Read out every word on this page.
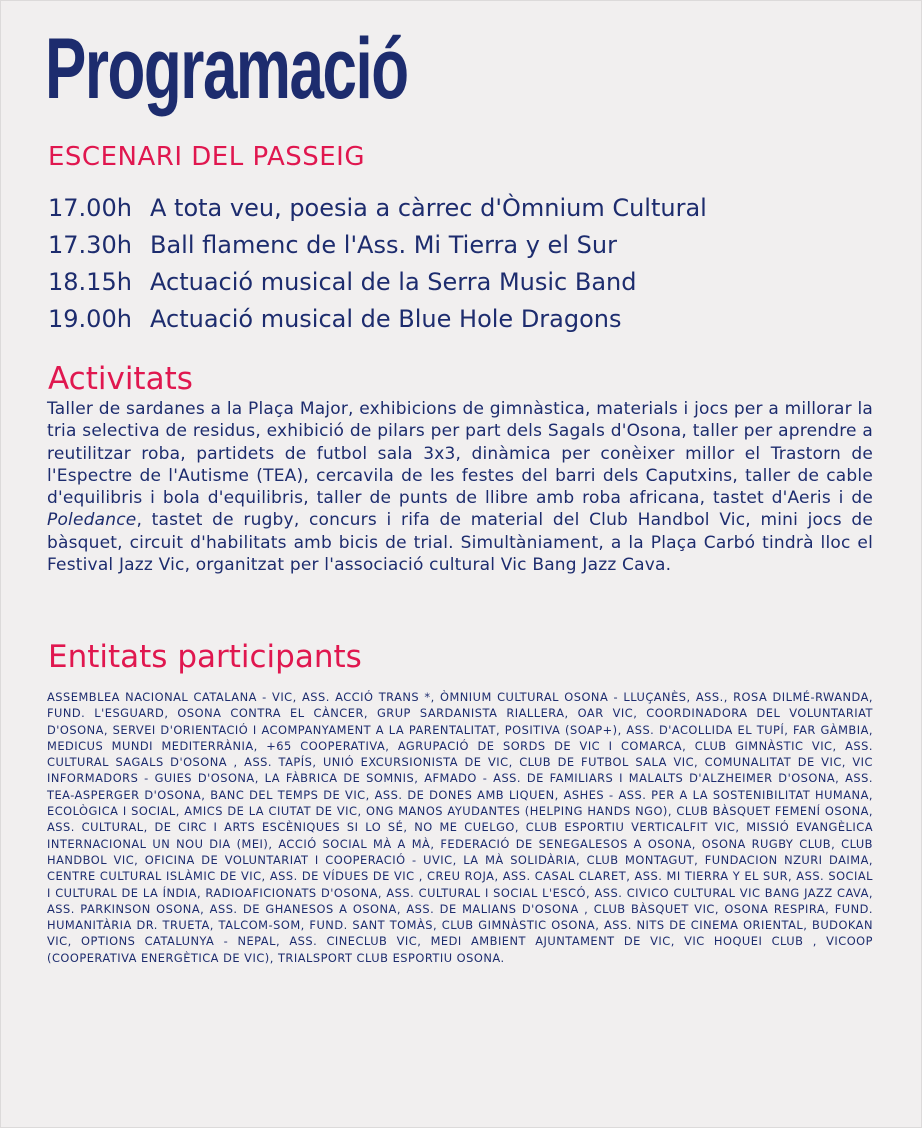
Programació
ESCENARI DEL PASSEIG
17.00h A tota veu, poesia a càrrec d'Òmnium Cultural
17.30h Ball flamenc de l'Ass. Mi Tierra y el Sur
18.15h Actuació musical de la Serra Music Band
19.00h Actuació musical de Blue Hole Dragons
Activitats

Taller de sardanes a la Plaça Major, exhibicions de gimnàstica, materials i jocs per a millorar la tria selectiva de residus, exhibició de pilars per part dels Sagals d'Osona, taller per aprendre a reutilitzar roba, partidets de futbol sala 3x3, dinàmica per conèixer millor el Trastorn de l'Espectre de l'Autisme (TEA), cercavila de les festes del barri dels Caputxins, taller de cable d'equilibris i bola d'equilibris, taller de punts de llibre amb roba africana, tastet d'Aeris i de Poledance, tastet de rugby, concurs i rifa de material del Club Handbol Vic, mini jocs de bàsquet, circuit d'habilitats amb bicis de trial. Simultàniament, a la Plaça Carbó tindrà lloc el Festival Jazz Vic, organitzat per l'associació cultural Vic Bang Jazz Cava.

Entitats participants

ASSEMBLEA NACIONAL CATALANA - VIC, ASS. ACCIÓ TRANS *, ÒMNIUM CULTURAL OSONA - LLUÇANÈS, ASS., ROSA DILMÉ-RWANDA, FUND. L'ESGUARD, OSONA CONTRA EL CÀNCER, GRUP SARDANISTA RIALLERA, OAR VIC, COORDINADORA DEL VOLUNTARIAT D'OSONA, SERVEI D'ORIENTACIÓ I ACOMPANYAMENT A LA PARENTALITAT, POSITIVA (SOAP+), ASS. D'ACOLLIDA EL TUPÍ, FAR GÀMBIA, MEDICUS MUNDI MEDITERRÀNIA, +65 COOPERATIVA, AGRUPACIÓ DE SORDS DE VIC I COMARCA, CLUB GIMNÀSTIC VIC, ASS. CULTURAL SAGALS D'OSONA , ASS. TAPÍS, UNIÓ EXCURSIONISTA DE VIC, CLUB DE FUTBOL SALA VIC, COMUNALITAT DE VIC, VIC INFORMADORS - GUIES D'OSONA, LA FÀBRICA DE SOMNIS, AFMADO - ASS. DE FAMILIARS I MALALTS D'ALZHEIMER D'OSONA, ASS. TEA-ASPERGER D'OSONA, BANC DEL TEMPS DE VIC, ASS. DE DONES AMB LIQUEN, ASHES - ASS. PER A LA SOSTENIBILITAT HUMANA, ECOLÒGICA I SOCIAL, AMICS DE LA CIUTAT DE VIC, ONG MANOS AYUDANTES (HELPING HANDS NGO), CLUB BÀSQUET FEMENÍ OSONA, ASS. CULTURAL, DE CIRC I ARTS ESCÈNIQUES SI LO SÉ, NO ME CUELGO, CLUB ESPORTIU VERTICALFIT VIC, MISSIÓ EVANGÈLICA INTERNACIONAL UN NOU DIA (MEI), ACCIÓ SOCIAL MÀ A MÀ, FEDERACIÓ DE SENEGALESOS A OSONA, OSONA RUGBY CLUB, CLUB HANDBOL VIC, OFICINA DE VOLUNTARIAT I COOPERACIÓ - UVIC, LA MÀ SOLIDÀRIA, CLUB MONTAGUT, FUNDACION NZURI DAIMA, CENTRE CULTURAL ISLÀMIC DE VIC, ASS. DE VÍDUES DE VIC , CREU ROJA, ASS. CASAL CLARET, ASS. MI TIERRA Y EL SUR, ASS. SOCIAL I CULTURAL DE LA ÍNDIA, RADIOAFICIONATS D'OSONA, ASS. CULTURAL I SOCIAL L'ESCÓ, ASS. CIVICO CULTURAL VIC BANG JAZZ CAVA, ASS. PARKINSON OSONA, ASS. DE GHANESOS A OSONA, ASS. DE MALIANS D'OSONA , CLUB BÀSQUET VIC, OSONA RESPIRA, FUND. HUMANITÀRIA DR. TRUETA, TALCOM-SOM, FUND. SANT TOMÀS, CLUB GIMNÀSTIC OSONA, ASS. NITS DE CINEMA ORIENTAL, BUDOKAN VIC, OPTIONS CATALUNYA - NEPAL, ASS. CINECLUB VIC, MEDI AMBIENT AJUNTAMENT DE VIC, VIC HOQUEI CLUB , VICOOP (COOPERATIVA ENERGÈTICA DE VIC), TRIALSPORT CLUB ESPORTIU OSONA.
